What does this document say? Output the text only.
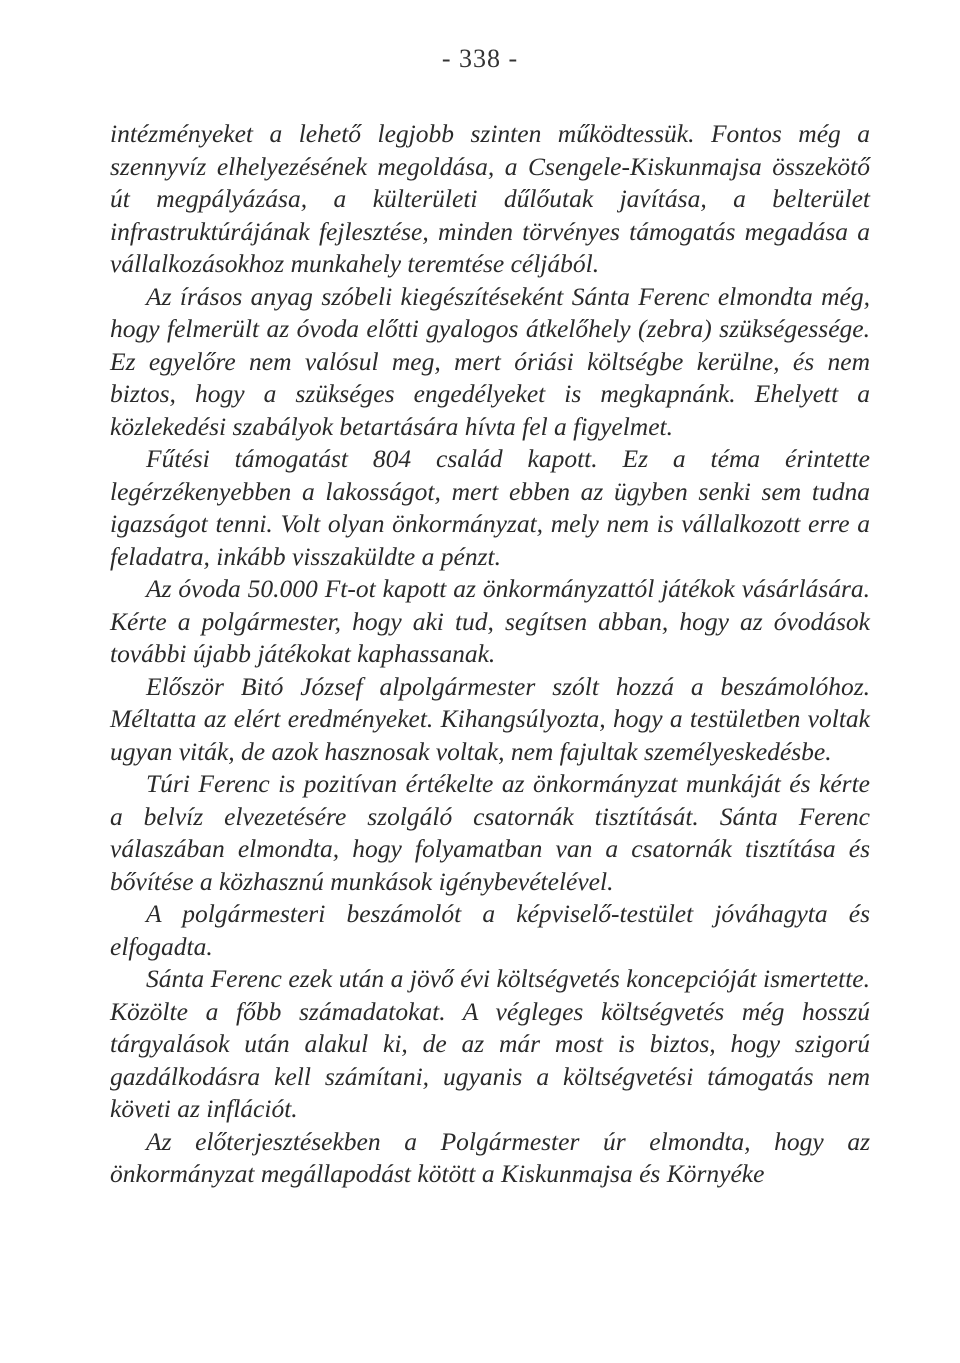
- 338 -

intézményeket a lehető legjobb szinten működtessük. Fontos még a szennyvíz elhelyezésének megoldása, a Csengele-Kiskunmajsa összekötő út megpályázása, a külterületi dűlőutak javítása, a belterület infrastruktúrájának fejlesztése, minden törvényes támogatás megadása a vállalkozásokhoz munkahely teremtése céljából.

Az írásos anyag szóbeli kiegészítéseként Sánta Ferenc elmondta még, hogy felmerült az óvoda előtti gyalogos átkelőhely (zebra) szükségessége. Ez egyelőre nem valósul meg, mert óriási költségbe kerülne, és nem biztos, hogy a szükséges engedélyeket is megkapnánk. Ehelyett a közlekedési szabályok betartására hívta fel a figyelmet.

Fűtési támogatást 804 család kapott. Ez a téma érintette legérzékenyebben a lakosságot, mert ebben az ügyben senki sem tudna igazságot tenni. Volt olyan önkormányzat, mely nem is vállalkozott erre a feladatra, inkább visszaküldte a pénzt.

Az óvoda 50.000 Ft-ot kapott az önkormányzattól játékok vásárlására. Kérte a polgármester, hogy aki tud, segítsen abban, hogy az óvodások további újabb játékokat kaphassanak.

Először Bitó József alpolgármester szólt hozzá a beszámolóhoz. Méltatta az elért eredményeket. Kihangsúlyozta, hogy a testületben voltak ugyan viták, de azok hasznosak voltak, nem fajultak személyeskedésbe.

Túri Ferenc is pozitívan értékelte az önkormányzat munkáját és kérte a belvíz elvezetésére szolgáló csatornák tisztítását. Sánta Ferenc válaszában elmondta, hogy folyamatban van a csatornák tisztítása és bővítése a közhasznú munkások igénybevételével.

A polgármesteri beszámolót a képviselő-testület jóváhagyta és elfogadta.

Sánta Ferenc ezek után a jövő évi költségvetés koncepcióját ismertette. Közölte a főbb számadatokat. A végleges költségvetés még hosszú tárgyalások után alakul ki, de az már most is biztos, hogy szigorú gazdálkodásra kell számítani, ugyanis a költségvetési támogatás nem követi az inflációt.

Az előterjesztésekben a Polgármester úr elmondta, hogy az önkormányzat megállapodást kötött a Kiskunmajsa és Környéke
